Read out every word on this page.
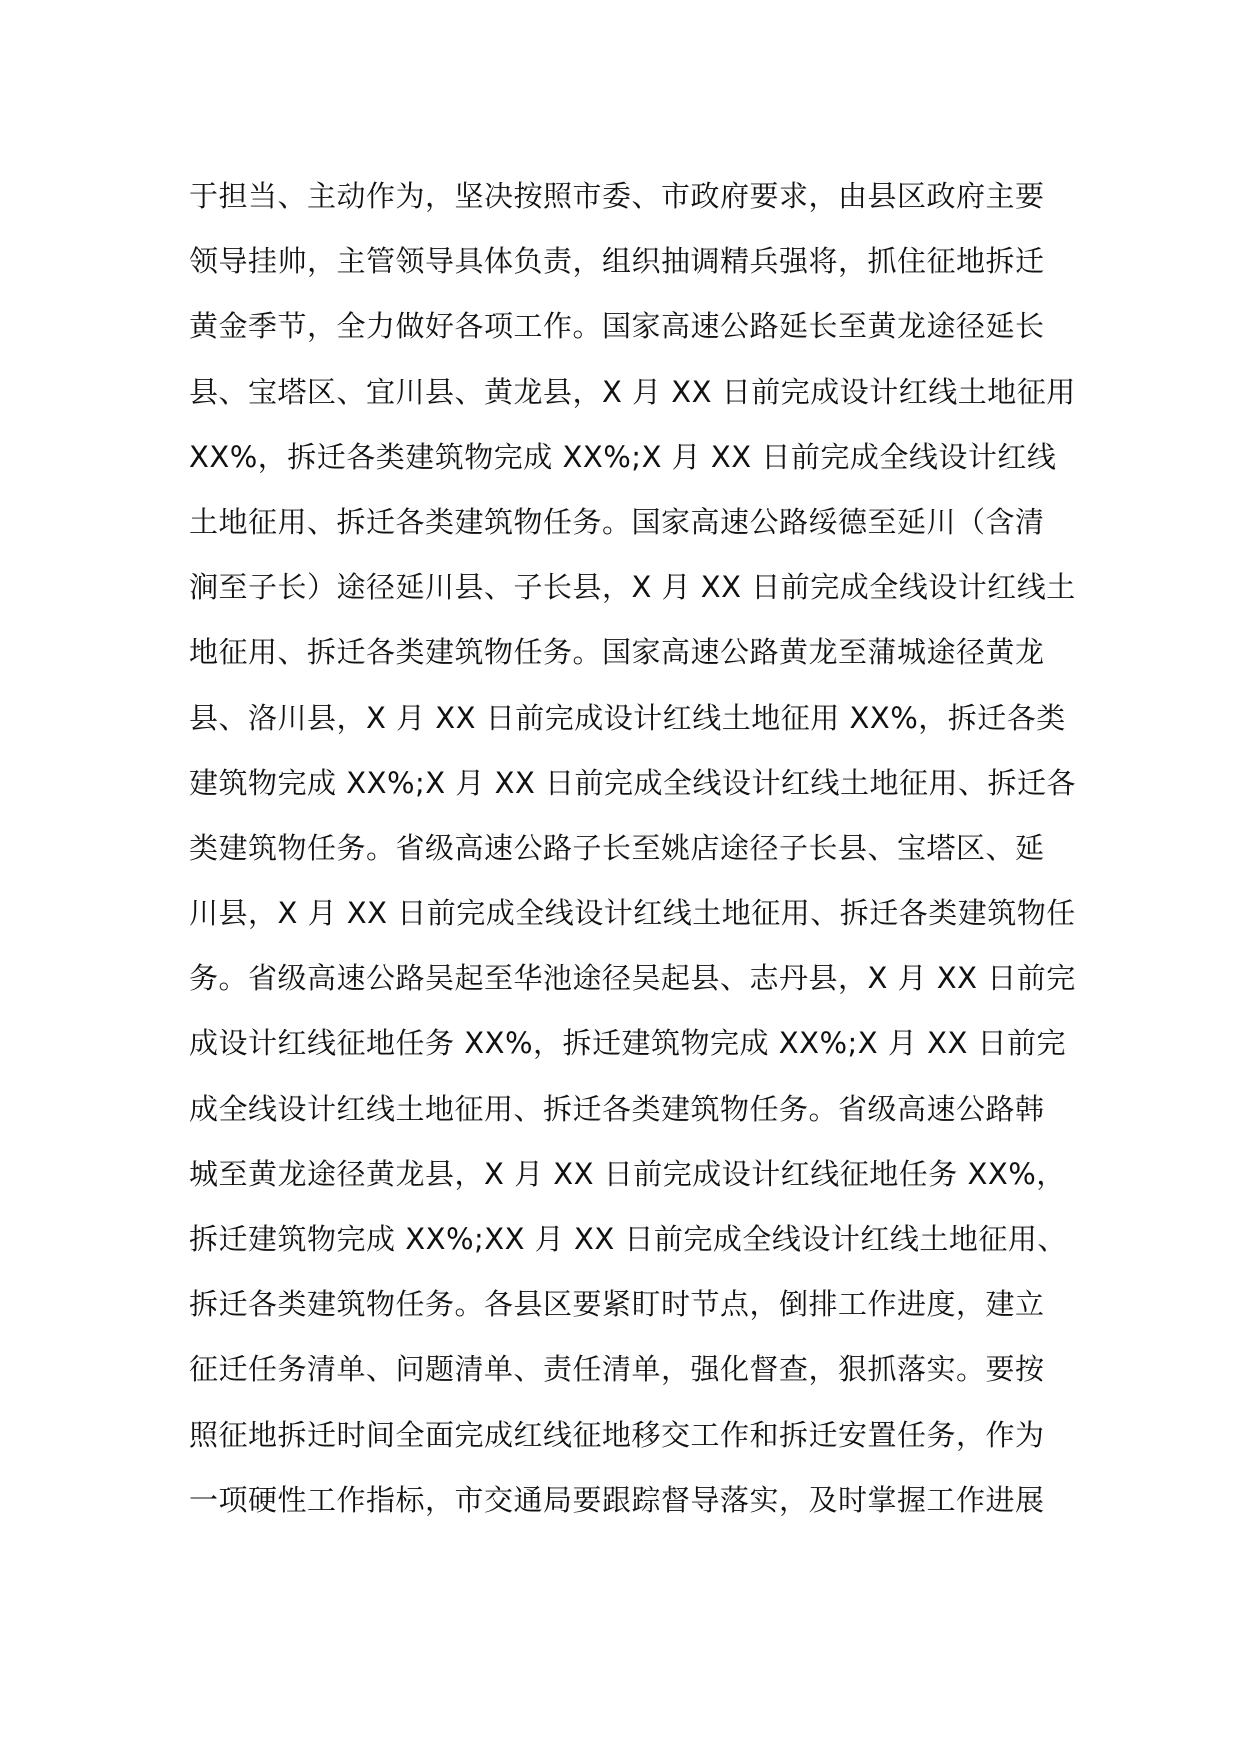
于担当、主动作为，坚决按照市委、市政府要求，由县区政府主要
领导挂帅，主管领导具体负责，组织抽调精兵强将，抓住征地拆迁
黄金季节，全力做好各项工作。国家高速公路延长至黄龙途径延长
县、宝塔区、宜川县、黄龙县，X 月 XX 日前完成设计红线土地征用
XX%，拆迁各类建筑物完成 XX%;X 月 XX 日前完成全线设计红线
土地征用、拆迁各类建筑物任务。国家高速公路绥德至延川（含清
涧至子长）途径延川县、子长县，X 月 XX 日前完成全线设计红线土
地征用、拆迁各类建筑物任务。国家高速公路黄龙至蒲城途径黄龙
县、洛川县，X 月 XX 日前完成设计红线土地征用 XX%，拆迁各类
建筑物完成 XX%;X 月 XX 日前完成全线设计红线土地征用、拆迁各
类建筑物任务。省级高速公路子长至姚店途径子长县、宝塔区、延
川县，X 月 XX 日前完成全线设计红线土地征用、拆迁各类建筑物任
务。省级高速公路吴起至华池途径吴起县、志丹县，X 月 XX 日前完
成设计红线征地任务 XX%，拆迁建筑物完成 XX%;X 月 XX 日前完
成全线设计红线土地征用、拆迁各类建筑物任务。省级高速公路韩
城至黄龙途径黄龙县，X 月 XX 日前完成设计红线征地任务 XX%，
拆迁建筑物完成 XX%;XX 月 XX 日前完成全线设计红线土地征用、
拆迁各类建筑物任务。各县区要紧盯时节点，倒排工作进度，建立
征迁任务清单、问题清单、责任清单，强化督查，狠抓落实。要按
照征地拆迁时间全面完成红线征地移交工作和拆迁安置任务，作为
一项硬性工作指标，市交通局要跟踪督导落实，及时掌握工作进展
